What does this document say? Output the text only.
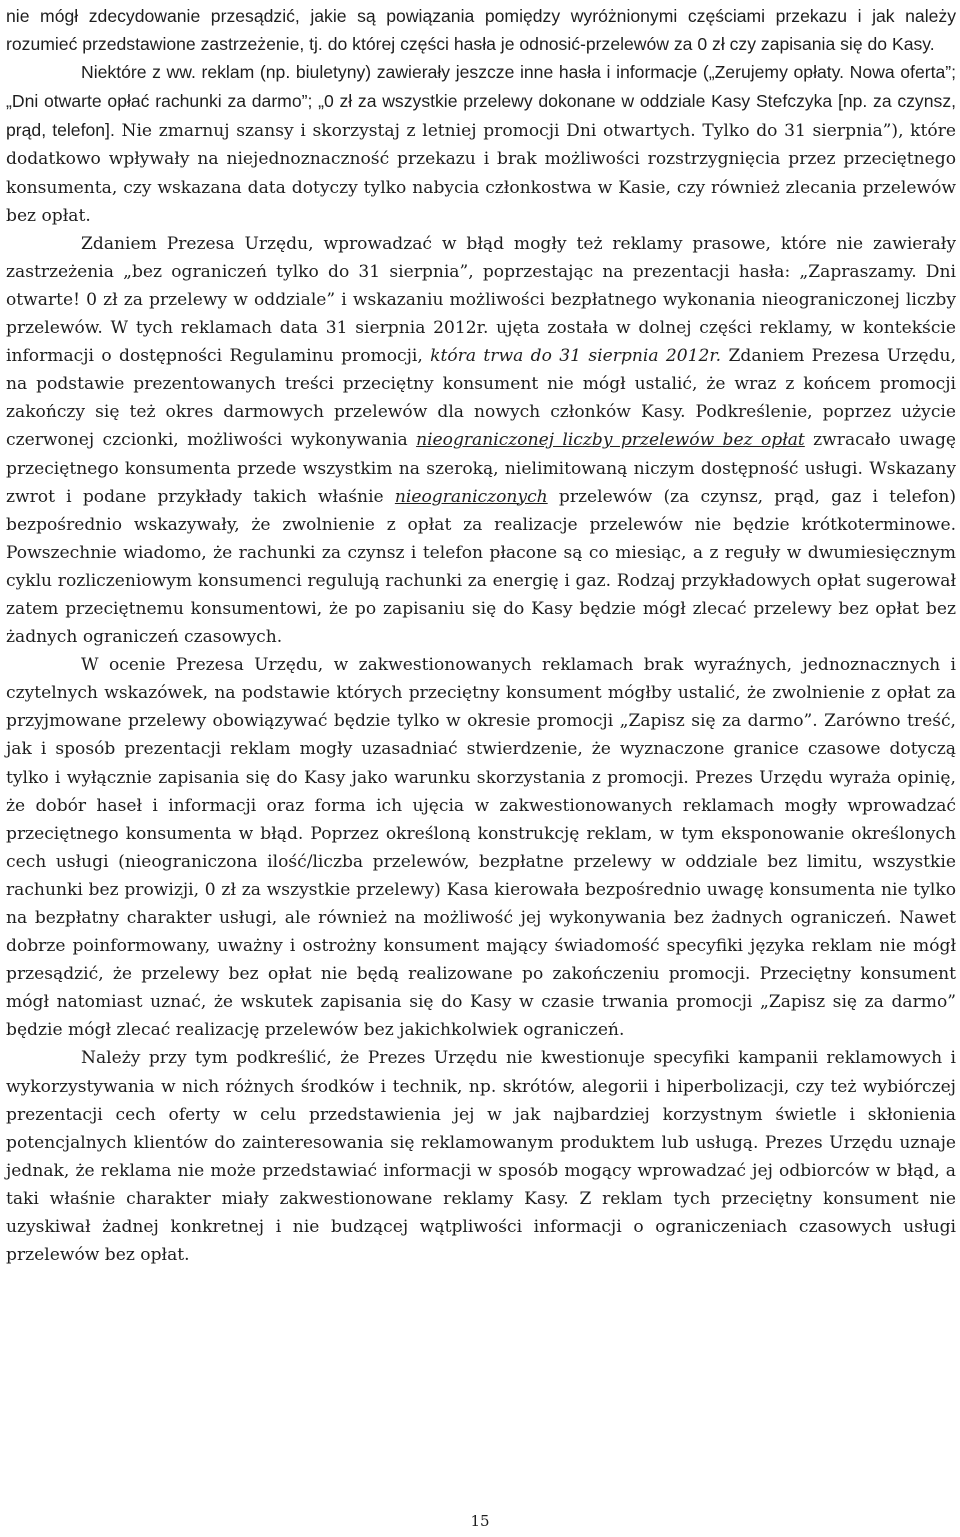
nie mógł zdecydowanie przesądzić, jakie są powiązania pomiędzy wyróżnionymi częściami przekazu i jak należy rozumieć przedstawione zastrzeżenie, tj. do której części hasła je odnosić-przelewów za 0 zł czy zapisania się do Kasy.

Niektóre z ww. reklam (np. biuletyny) zawierały jeszcze inne hasła i informacje („Zerujemy opłaty. Nowa oferta”; „Dni otwarte opłać rachunki za darmo”; „0 zł za wszystkie przelewy dokonane w oddziale Kasy Stefczyka [np. za czynsz, prąd, telefon]. Nie zmarnuj szansy i skorzystaj z letniej promocji Dni otwartych. Tylko do 31 sierpnia”), które dodatkowo wpływały na niejednoznaczność przekazu i brak możliwości rozstrzygnięcia przez przeciętnego konsumenta, czy wskazana data dotyczy tylko nabycia członkostwa w Kasie, czy również zlecania przelewów bez opłat.

Zdaniem Prezesa Urzędu, wprowadzać w błąd mogły też reklamy prasowe, które nie zawierały zastrzeżenia „bez ograniczeń tylko do 31 sierpnia”, poprzestając na prezentacji hasła: „Zapraszamy. Dni otwarte! 0 zł za przelewy w oddziale” i wskazaniu możliwości bezpłatnego wykonania nieograniczonej liczby przelewów. W tych reklamach data 31 sierpnia 2012r. ujęta została w dolnej części reklamy, w kontekście informacji o dostępności Regulaminu promocji, która trwa do 31 sierpnia 2012r. Zdaniem Prezesa Urzędu, na podstawie prezentowanych treści przeciętny konsument nie mógł ustalić, że wraz z końcem promocji zakończy się też okres darmowych przelewów dla nowych członków Kasy. Podkreślenie, poprzez użycie czerwonej czcionki, możliwości wykonywania nieograniczonej liczby przelewów bez opłat zwracało uwagę przeciętnego konsumenta przede wszystkim na szeroką, nielimitowaną niczym dostępność usługi. Wskazany zwrot i podane przykłady takich właśnie nieograniczonych przelewów (za czynsz, prąd, gaz i telefon) bezpośrednio wskazywały, że zwolnienie z opłat za realizacje przelewów nie będzie krótkoterminowe. Powszechnie wiadomo, że rachunki za czynsz i telefon płacone są co miesiąc, a z reguły w dwumiesięcznym cyklu rozliczeniowym konsumenci regulują rachunki za energię i gaz. Rodzaj przykładowych opłat sugerował zatem przeciętnemu konsumentowi, że po zapisaniu się do Kasy będzie mógł zlecać przelewy bez opłat bez żadnych ograniczeń czasowych.

W ocenie Prezesa Urzędu, w zakwestionowanych reklamach brak wyraźnych, jednoznacznych i czytelnych wskazówek, na podstawie których przeciętny konsument mógłby ustalić, że zwolnienie z opłat za przyjmowane przelewy obowiązywać będzie tylko w okresie promocji „Zapisz się za darmo”. Zarówno treść, jak i sposób prezentacji reklam mogły uzasadniać stwierdzenie, że wyznaczone granice czasowe dotyczą tylko i wyłącznie zapisania się do Kasy jako warunku skorzystania z promocji. Prezes Urzędu wyraża opinię, że dobór haseł i informacji oraz forma ich ujęcia w zakwestionowanych reklamach mogły wprowadzać przeciętnego konsumenta w błąd. Poprzez określoną konstrukcję reklam, w tym eksponowanie określonych cech usługi (nieograniczona ilość/liczba przelewów, bezpłatne przelewy w oddziale bez limitu, wszystkie rachunki bez prowizji, 0 zł za wszystkie przelewy) Kasa kierowała bezpośrednio uwagę konsumenta nie tylko na bezpłatny charakter usługi, ale również na możliwość jej wykonywania bez żadnych ograniczeń. Nawet dobrze poinformowany, uważny i ostrożny konsument mający świadomość specyfiki języka reklam nie mógł przesądzić, że przelewy bez opłat nie będą realizowane po zakończeniu promocji. Przeciętny konsument mógł natomiast uznać, że wskutek zapisania się do Kasy w czasie trwania promocji „Zapisz się za darmo” będzie mógł zlecać realizację przelewów bez jakichkolwiek ograniczeń.

Należy przy tym podkreślić, że Prezes Urzędu nie kwestionuje specyfiki kampanii reklamowych i wykorzystywania w nich różnych środków i technik, np. skrótów, alegorii i hiperbolizacji, czy też wybiórczej prezentacji cech oferty w celu przedstawienia jej w jak najbardziej korzystnym świetle i skłonienia potencjalnych klientów do zainteresowania się reklamowanym produktem lub usługą. Prezes Urzędu uznaje jednak, że reklama nie może przedstawiać informacji w sposób mogący wprowadzać jej odbiorców w błąd, a taki właśnie charakter miały zakwestionowane reklamy Kasy. Z reklam tych przeciętny konsument nie uzyskiwał żadnej konkretnej i nie budzącej wątpliwości informacji o ograniczeniach czasowych usługi przelewów bez opłat.

15
